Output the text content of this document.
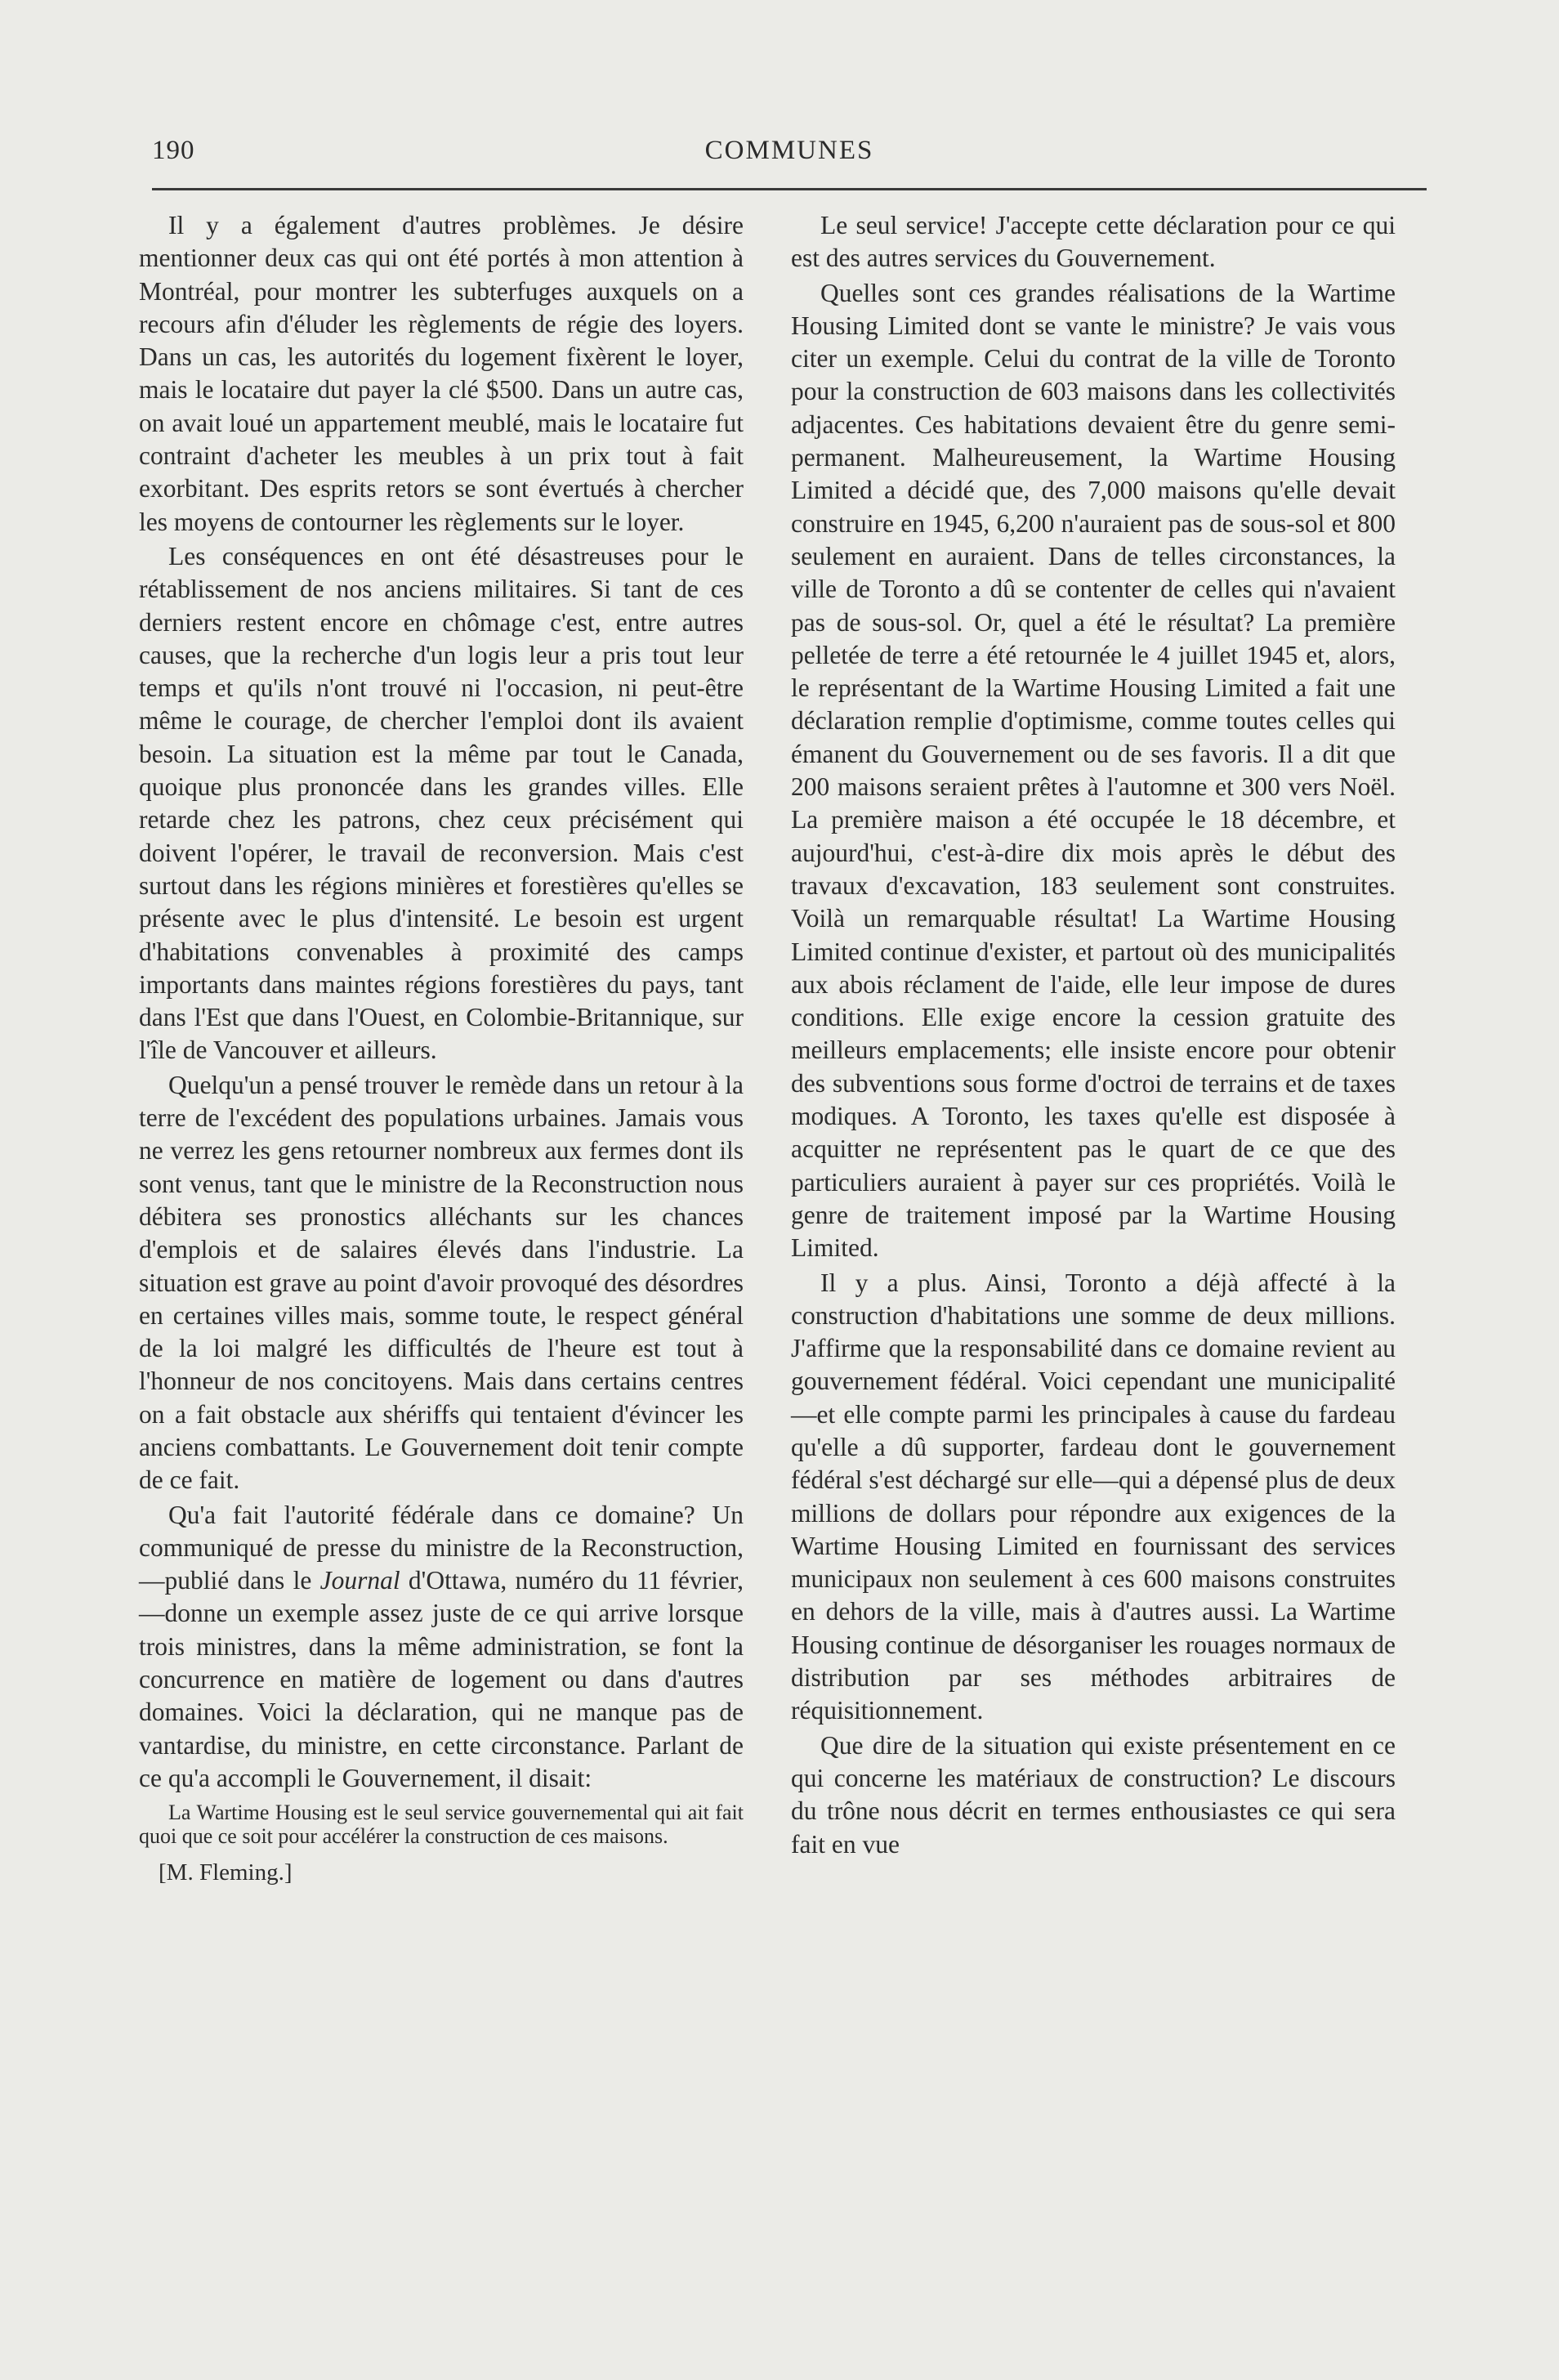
190	COMMUNES

Il y a également d'autres problèmes. Je désire mentionner deux cas qui ont été portés à mon attention à Montréal, pour montrer les subterfuges auxquels on a recours afin d'éluder les règlements de régie des loyers. Dans un cas, les autorités du logement fixèrent le loyer, mais le locataire dut payer la clé $500. Dans un autre cas, on avait loué un appartement meublé, mais le locataire fut contraint d'acheter les meubles à un prix tout à fait exorbitant. Des esprits retors se sont évertués à chercher les moyens de contourner les règlements sur le loyer.

Les conséquences en ont été désastreuses pour le rétablissement de nos anciens militaires. Si tant de ces derniers restent encore en chômage c'est, entre autres causes, que la recherche d'un logis leur a pris tout leur temps et qu'ils n'ont trouvé ni l'occasion, ni peut-être même le courage, de chercher l'emploi dont ils avaient besoin. La situation est la même par tout le Canada, quoique plus prononcée dans les grandes villes. Elle retarde chez les patrons, chez ceux précisément qui doivent l'opérer, le travail de reconversion. Mais c'est surtout dans les régions minières et forestières qu'elles se présente avec le plus d'intensité. Le besoin est urgent d'habitations convenables à proximité des camps importants dans maintes régions forestières du pays, tant dans l'Est que dans l'Ouest, en Colombie-Britannique, sur l'île de Vancouver et ailleurs.

Quelqu'un a pensé trouver le remède dans un retour à la terre de l'excédent des populations urbaines. Jamais vous ne verrez les gens retourner nombreux aux fermes dont ils sont venus, tant que le ministre de la Reconstruction nous débitera ses pronostics alléchants sur les chances d'emplois et de salaires élevés dans l'industrie. La situation est grave au point d'avoir provoqué des désordres en certaines villes mais, somme toute, le respect général de la loi malgré les difficultés de l'heure est tout à l'honneur de nos concitoyens. Mais dans certains centres on a fait obstacle aux shériffs qui tentaient d'évincer les anciens combattants. Le Gouvernement doit tenir compte de ce fait.

Qu'a fait l'autorité fédérale dans ce domaine? Un communiqué de presse du ministre de la Reconstruction,—publié dans le Journal d'Ottawa, numéro du 11 février,—donne un exemple assez juste de ce qui arrive lorsque trois ministres, dans la même administration, se font la concurrence en matière de logement ou dans d'autres domaines. Voici la déclaration, qui ne manque pas de vantardise, du ministre, en cette circonstance. Parlant de ce qu'a accompli le Gouvernement, il disait:

La Wartime Housing est le seul service gouvernemental qui ait fait quoi que ce soit pour accélérer la construction de ces maisons.

[M. Fleming.]

Le seul service! J'accepte cette déclaration pour ce qui est des autres services du Gouvernement.

Quelles sont ces grandes réalisations de la Wartime Housing Limited dont se vante le ministre? Je vais vous citer un exemple. Celui du contrat de la ville de Toronto pour la construction de 603 maisons dans les collectivités adjacentes. Ces habitations devaient être du genre semi-permanent. Malheureusement, la Wartime Housing Limited a décidé que, des 7,000 maisons qu'elle devait construire en 1945, 6,200 n'auraient pas de sous-sol et 800 seulement en auraient. Dans de telles circonstances, la ville de Toronto a dû se contenter de celles qui n'avaient pas de sous-sol. Or, quel a été le résultat? La première pelletée de terre a été retournée le 4 juillet 1945 et, alors, le représentant de la Wartime Housing Limited a fait une déclaration remplie d'optimisme, comme toutes celles qui émanent du Gouvernement ou de ses favoris. Il a dit que 200 maisons seraient prêtes à l'automne et 300 vers Noël. La première maison a été occupée le 18 décembre, et aujourd'hui, c'est-à-dire dix mois après le début des travaux d'excavation, 183 seulement sont construites. Voilà un remarquable résultat! La Wartime Housing Limited continue d'exister, et partout où des municipalités aux abois réclament de l'aide, elle leur impose de dures conditions. Elle exige encore la cession gratuite des meilleurs emplacements; elle insiste encore pour obtenir des subventions sous forme d'octroi de terrains et de taxes modiques. A Toronto, les taxes qu'elle est disposée à acquitter ne représentent pas le quart de ce que des particuliers auraient à payer sur ces propriétés. Voilà le genre de traitement imposé par la Wartime Housing Limited.

Il y a plus. Ainsi, Toronto a déjà affecté à la construction d'habitations une somme de deux millions. J'affirme que la responsabilité dans ce domaine revient au gouvernement fédéral. Voici cependant une municipalité—et elle compte parmi les principales à cause du fardeau qu'elle a dû supporter, fardeau dont le gouvernement fédéral s'est déchargé sur elle—qui a dépensé plus de deux millions de dollars pour répondre aux exigences de la Wartime Housing Limited en fournissant des services municipaux non seulement à ces 600 maisons construites en dehors de la ville, mais à d'autres aussi. La Wartime Housing continue de désorganiser les rouages normaux de distribution par ses méthodes arbitraires de réquisitionnement.

Que dire de la situation qui existe présentement en ce qui concerne les matériaux de construction? Le discours du trône nous décrit en termes enthousiastes ce qui sera fait en vue
